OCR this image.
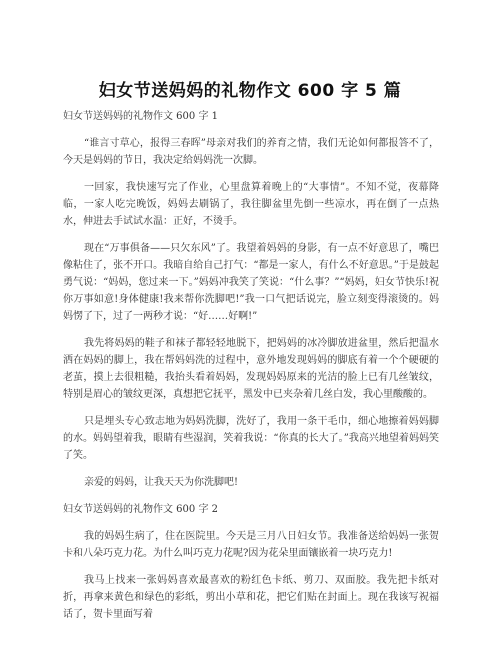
妇女节送妈妈的礼物作文 600 字 5 篇

妇女节送妈妈的礼物作文 600 字 1

“谁言寸草心，报得三春晖”母亲对我们的养育之情，我们无论如何都报答不了，今天是妈妈的节日，我决定给妈妈洗一次脚。

一回家，我快速写完了作业，心里盘算着晚上的“大事情”。不知不觉，夜幕降临，一家人吃完晚饭，妈妈去刷锅了，我往脚盆里先倒一些凉水，再在倒了一点热水，伸进去手试试水温：正好，不烫手。

现在“万事俱备——只欠东风”了。我望着妈妈的身影，有一点不好意思了，嘴巴像粘住了，张不开口。我暗自给自己打气：“都是一家人，有什么不好意思。”于是鼓起勇气说：“妈妈，您过来一下。”妈妈冲我笑了笑说：“什么事？”“妈妈，妇女节快乐!祝你万事如意!身体健康!我来帮你洗脚吧!”我一口气把话说完，脸立刻变得滚烫的。妈妈愣了下，过了一两秒才说：“好……好啊!”

我先将妈妈的鞋子和袜子都轻轻地脱下，把妈妈的冰冷脚放进盆里，然后把温水洒在妈妈的脚上，我在帮妈妈洗的过程中，意外地发现妈妈的脚底有着一个个硬硬的老茧，摸上去很粗糙，我抬头看着妈妈，发现妈妈原来的光洁的脸上已有几丝皱纹，特别是眉心的皱纹更深，真想把它抚平，黑发中已夹杂着几丝白发，我心里酸酸的。

只是埋头专心致志地为妈妈洗脚，洗好了，我用一条干毛巾，细心地擦着妈妈脚的水。妈妈望着我，眼睛有些湿润，笑着我说：“你真的长大了。”我高兴地望着妈妈笑了笑。

亲爱的妈妈，让我天天为你洗脚吧!

妇女节送妈妈的礼物作文 600 字 2

我的妈妈生病了，住在医院里。今天是三月八日妇女节。我准备送给妈妈一张贺卡和八朵巧克力花。为什么叫巧克力花呢?因为花朵里面镶嵌着一块巧克力!

我马上找来一张妈妈喜欢最喜欢的粉红色卡纸、剪刀、双面胶。我先把卡纸对折，再拿来黄色和绿色的彩纸，剪出小草和花，把它们贴在封面上。现在我该写祝福话了，贺卡里面写着
